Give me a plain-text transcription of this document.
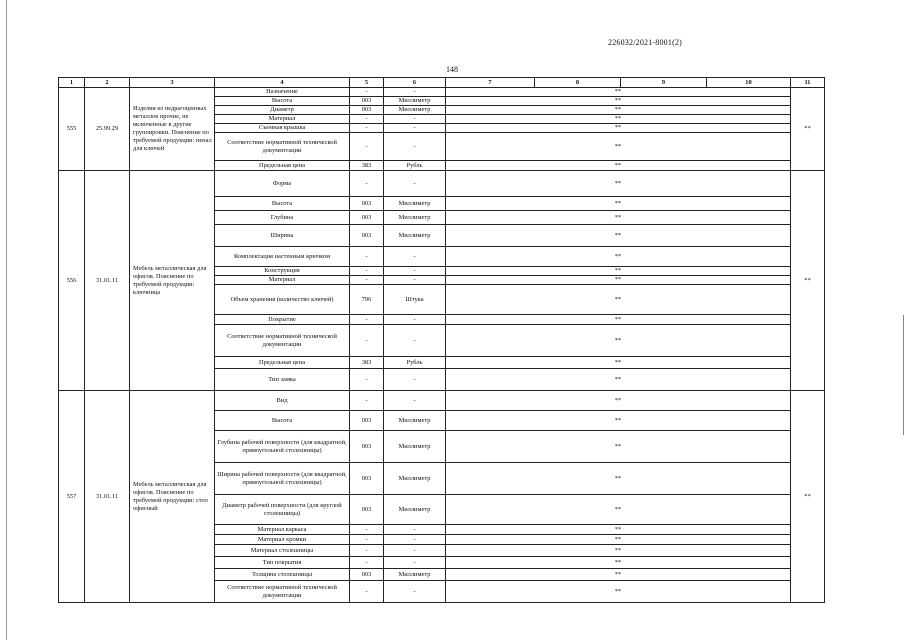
226032/2021-8001(2)
148
1	2	3	4	5	6	7	8	9	10	11
555	25.99.29	Изделия из недрагоценных металлов прочие, не включенные в другие группировки. Пояснение по требуемой продукции: пенал для ключей	Назначение	-	-	**				**
			Высота	003	Миллиметр	**				
			Диаметр	003	Миллиметр	**				
			Материал	-	-	**				
			Съемная крышка	-	-	**				
			Соответствие нормативной технической документации	-	-	**				
			Предельная цена	383	Рубль	**				
556	31.01.11	Мебель металлическая для офисов. Пояснение по требуемой продукции: ключница	Форма	-	-	**				**
			Высота	003	Миллиметр	**				
			Глубина	003	Миллиметр	**				
			Ширина	003	Миллиметр	**				
			Комплектация настенным крючком	-	-	**				
			Конструкция	-	-	**				
			Материал	-	-	**				
			Объем хранения (количество ключей)	796	Штука	**				
			Покрытие	-	-	**				
			Соответствие нормативной технической документации	-	-	**				
			Предельная цена	383	Рубль	**				
			Тип замка	-	-	**				
557	31.01.11	Мебель металлическая для офисов. Пояснение по требуемой продукции: стол офисный	Вид	-	-	**				**
			Высота	003	Миллиметр	**				
			Глубина рабочей поверхности (для квадратной, прямоугольной столешницы)	003	Миллиметр	**				
			Ширина рабочей поверхности (для квадратной, прямоугольной столешницы)	003	Миллиметр	**				
			Диаметр рабочей поверхности (для круглой столешницы)	003	Миллиметр	**				
			Материал каркаса	-	-	**				
			Материал кромки	-	-	**				
			Материал столешницы	-	-	**				
			Тип покрытия	-	-	**				
			Толщина столешницы	003	Миллиметр	**				
			Соответствие нормативной технической документации	-	-	**				
